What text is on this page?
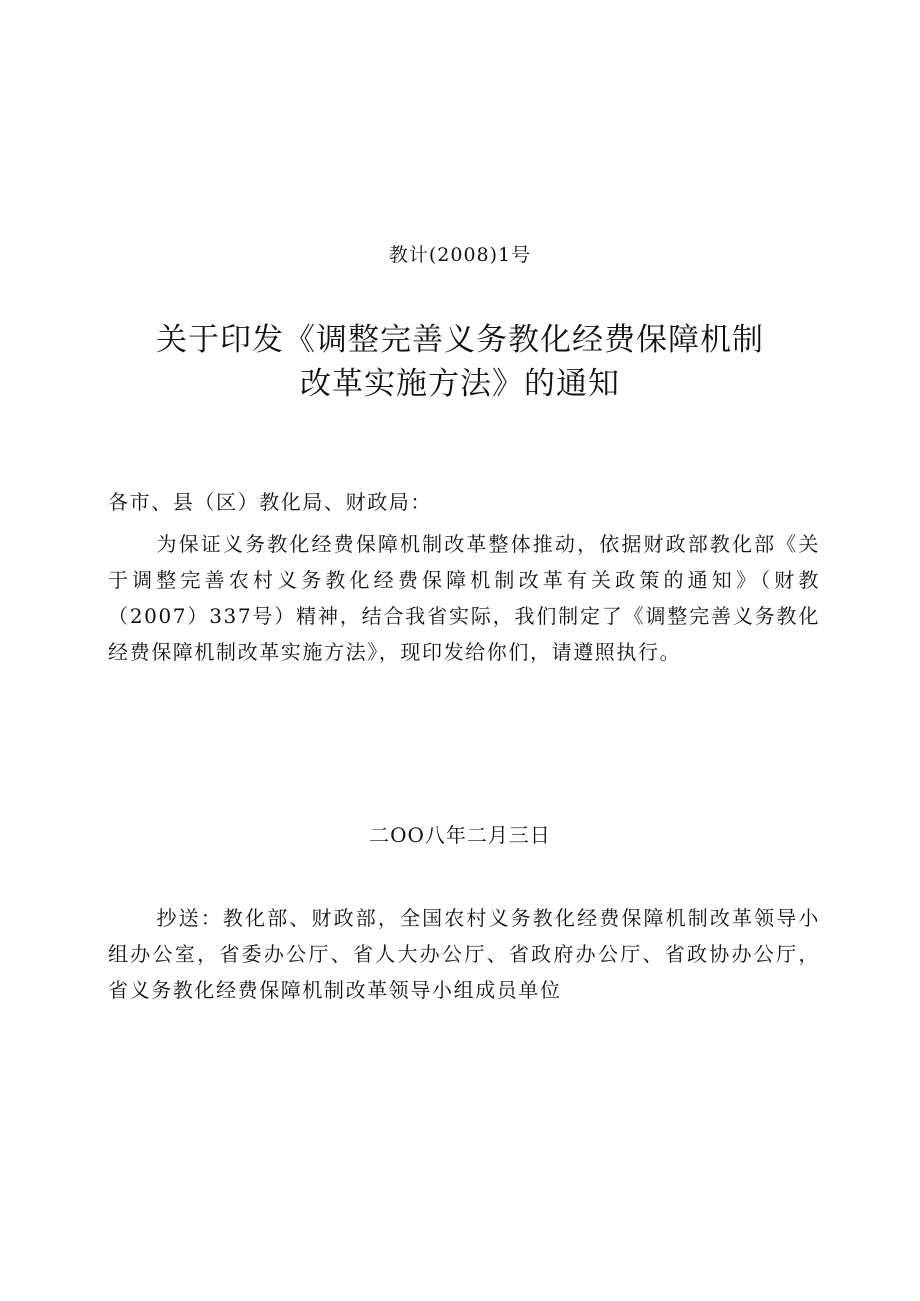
教计(2008)1号
关于印发《调整完善义务教化经费保障机制
改革实施方法》的通知
各市、县（区）教化局、财政局：
为保证义务教化经费保障机制改革整体推动，依据财政部教化部《关于调整完善农村义务教化经费保障机制改革有关政策的通知》（财教（2007）337号）精神，结合我省实际，我们制定了《调整完善义务教化经费保障机制改革实施方法》，现印发给你们，请遵照执行。
二OO八年二月三日
抄送：教化部、财政部，全国农村义务教化经费保障机制改革领导小组办公室，省委办公厅、省人大办公厅、省政府办公厅、省政协办公厅，省义务教化经费保障机制改革领导小组成员单位
